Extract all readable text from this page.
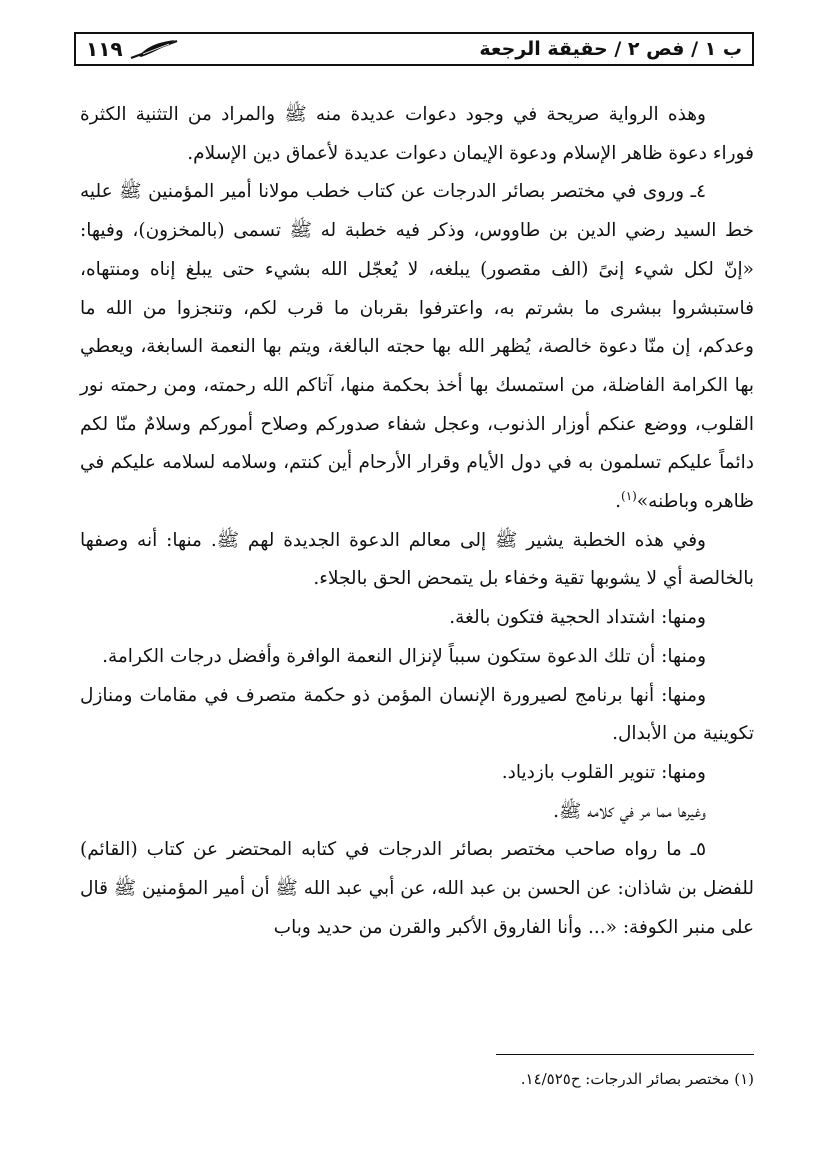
١١٩	ب ١ / فص ٢ / حقيقة الرجعة

وهذه الرواية صريحة في وجود دعوات عديدة منه ﷺ والمراد من التثنية الكثرة فوراء دعوة ظاهر الإسلام ودعوة الإيمان دعوات عديدة لأعماق دين الإسلام.

٤ـ وروى في مختصر بصائر الدرجات عن كتاب خطب مولانا أمير المؤمنين ﷺ عليه خط السيد رضي الدين بن طاووس، وذكر فيه خطبة له ﷺ تسمى (بالمخزون)، وفيها: «إنّ لكل شيء إنىً (الف مقصور) يبلغه، لا يُعجّل الله بشيء حتى يبلغ إناه ومنتهاه، فاستبشروا ببشرى ما بشرتم به، واعترفوا بقربان ما قرب لكم، وتنجزوا من الله ما وعدكم، إن منّا دعوة خالصة، يُظهر الله بها حجته البالغة، ويتم بها النعمة السابغة، ويعطي بها الكرامة الفاضلة، من استمسك بها أخذ بحكمة منها، آتاكم الله رحمته، ومن رحمته نور القلوب، ووضع عنكم أوزار الذنوب، وعجل شفاء صدوركم وصلاح أموركم وسلامٌ منّا لكم دائماً عليكم تسلمون به في دول الأيام وقرار الأرحام أين كنتم، وسلامه لسلامه عليكم في ظاهره وباطنه»$^{(١)}$.

وفي هذه الخطبة يشير ﷺ إلى معالم الدعوة الجديدة لهم ﷺ. منها: أنه وصفها بالخالصة أي لا يشوبها تقية وخفاء بل يتمحض الحق بالجلاء.

ومنها: اشتداد الحجية فتكون بالغة.

ومنها: أن تلك الدعوة ستكون سبباً لإنزال النعمة الوافرة وأفضل درجات الكرامة.

ومنها: أنها برنامج لصيرورة الإنسان المؤمن ذو حكمة متصرف في مقامات ومنازل تكوينية من الأبدال.

ومنها: تنوير القلوب بازدياد.

وغيرها مما مر في كلامه ﷺ.

٥ـ ما رواه صاحب مختصر بصائر الدرجات في كتابه المحتضر عن كتاب (القائم) للفضل بن شاذان: عن الحسن بن عبد الله، عن أبي عبد الله ﷺ أن أمير المؤمنين ﷺ قال على منبر الكوفة: «... وأنا الفاروق الأكبر والقرن من حديد وباب

(١) مختصر بصائر الدرجات: ح١٤/٥٢٥.
